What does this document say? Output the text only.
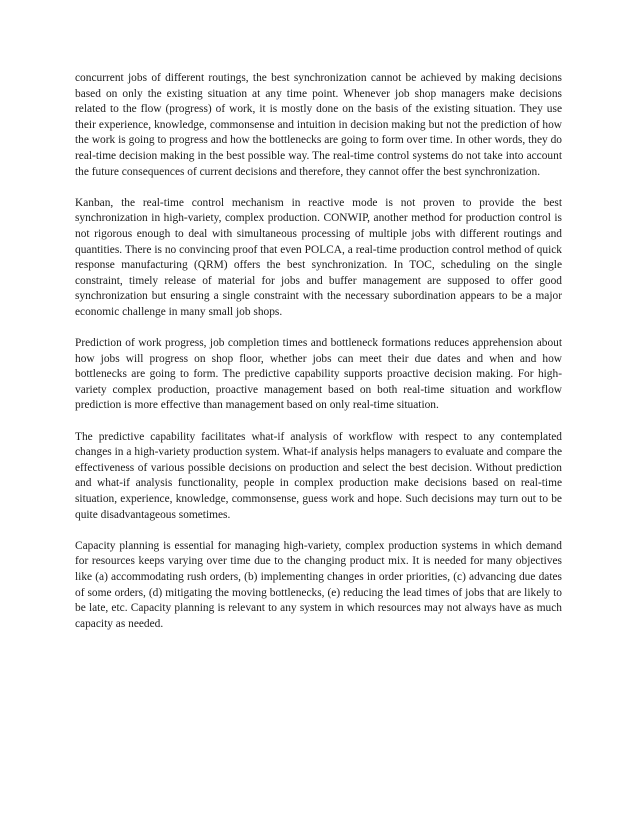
concurrent jobs of different routings, the best synchronization cannot be achieved by making decisions based on only the existing situation at any time point. Whenever job shop managers make decisions related to the flow (progress) of work, it is mostly done on the basis of the existing situation. They use their experience, knowledge, commonsense and intuition in decision making but not the prediction of how the work is going to progress and how the bottlenecks are going to form over time. In other words, they do real-time decision making in the best possible way. The real-time control systems do not take into account the future consequences of current decisions and therefore, they cannot offer the best synchronization.

Kanban, the real-time control mechanism in reactive mode is not proven to provide the best synchronization in high-variety, complex production. CONWIP, another method for production control is not rigorous enough to deal with simultaneous processing of multiple jobs with different routings and quantities. There is no convincing proof that even POLCA, a real-time production control method of quick response manufacturing (QRM) offers the best synchronization. In TOC, scheduling on the single constraint, timely release of material for jobs and buffer management are supposed to offer good synchronization but ensuring a single constraint with the necessary subordination appears to be a major economic challenge in many small job shops.

Prediction of work progress, job completion times and bottleneck formations reduces apprehension about how jobs will progress on shop floor, whether jobs can meet their due dates and when and how bottlenecks are going to form. The predictive capability supports proactive decision making. For high-variety complex production, proactive management based on both real-time situation and workflow prediction is more effective than management based on only real-time situation.

The predictive capability facilitates what-if analysis of workflow with respect to any contemplated changes in a high-variety production system. What-if analysis helps managers to evaluate and compare the effectiveness of various possible decisions on production and select the best decision. Without prediction and what-if analysis functionality, people in complex production make decisions based on real-time situation, experience, knowledge, commonsense, guess work and hope. Such decisions may turn out to be quite disadvantageous sometimes.

Capacity planning is essential for managing high-variety, complex production systems in which demand for resources keeps varying over time due to the changing product mix. It is needed for many objectives like (a) accommodating rush orders, (b) implementing changes in order priorities, (c) advancing due dates of some orders, (d) mitigating the moving bottlenecks, (e) reducing the lead times of jobs that are likely to be late, etc. Capacity planning is relevant to any system in which resources may not always have as much capacity as needed.
